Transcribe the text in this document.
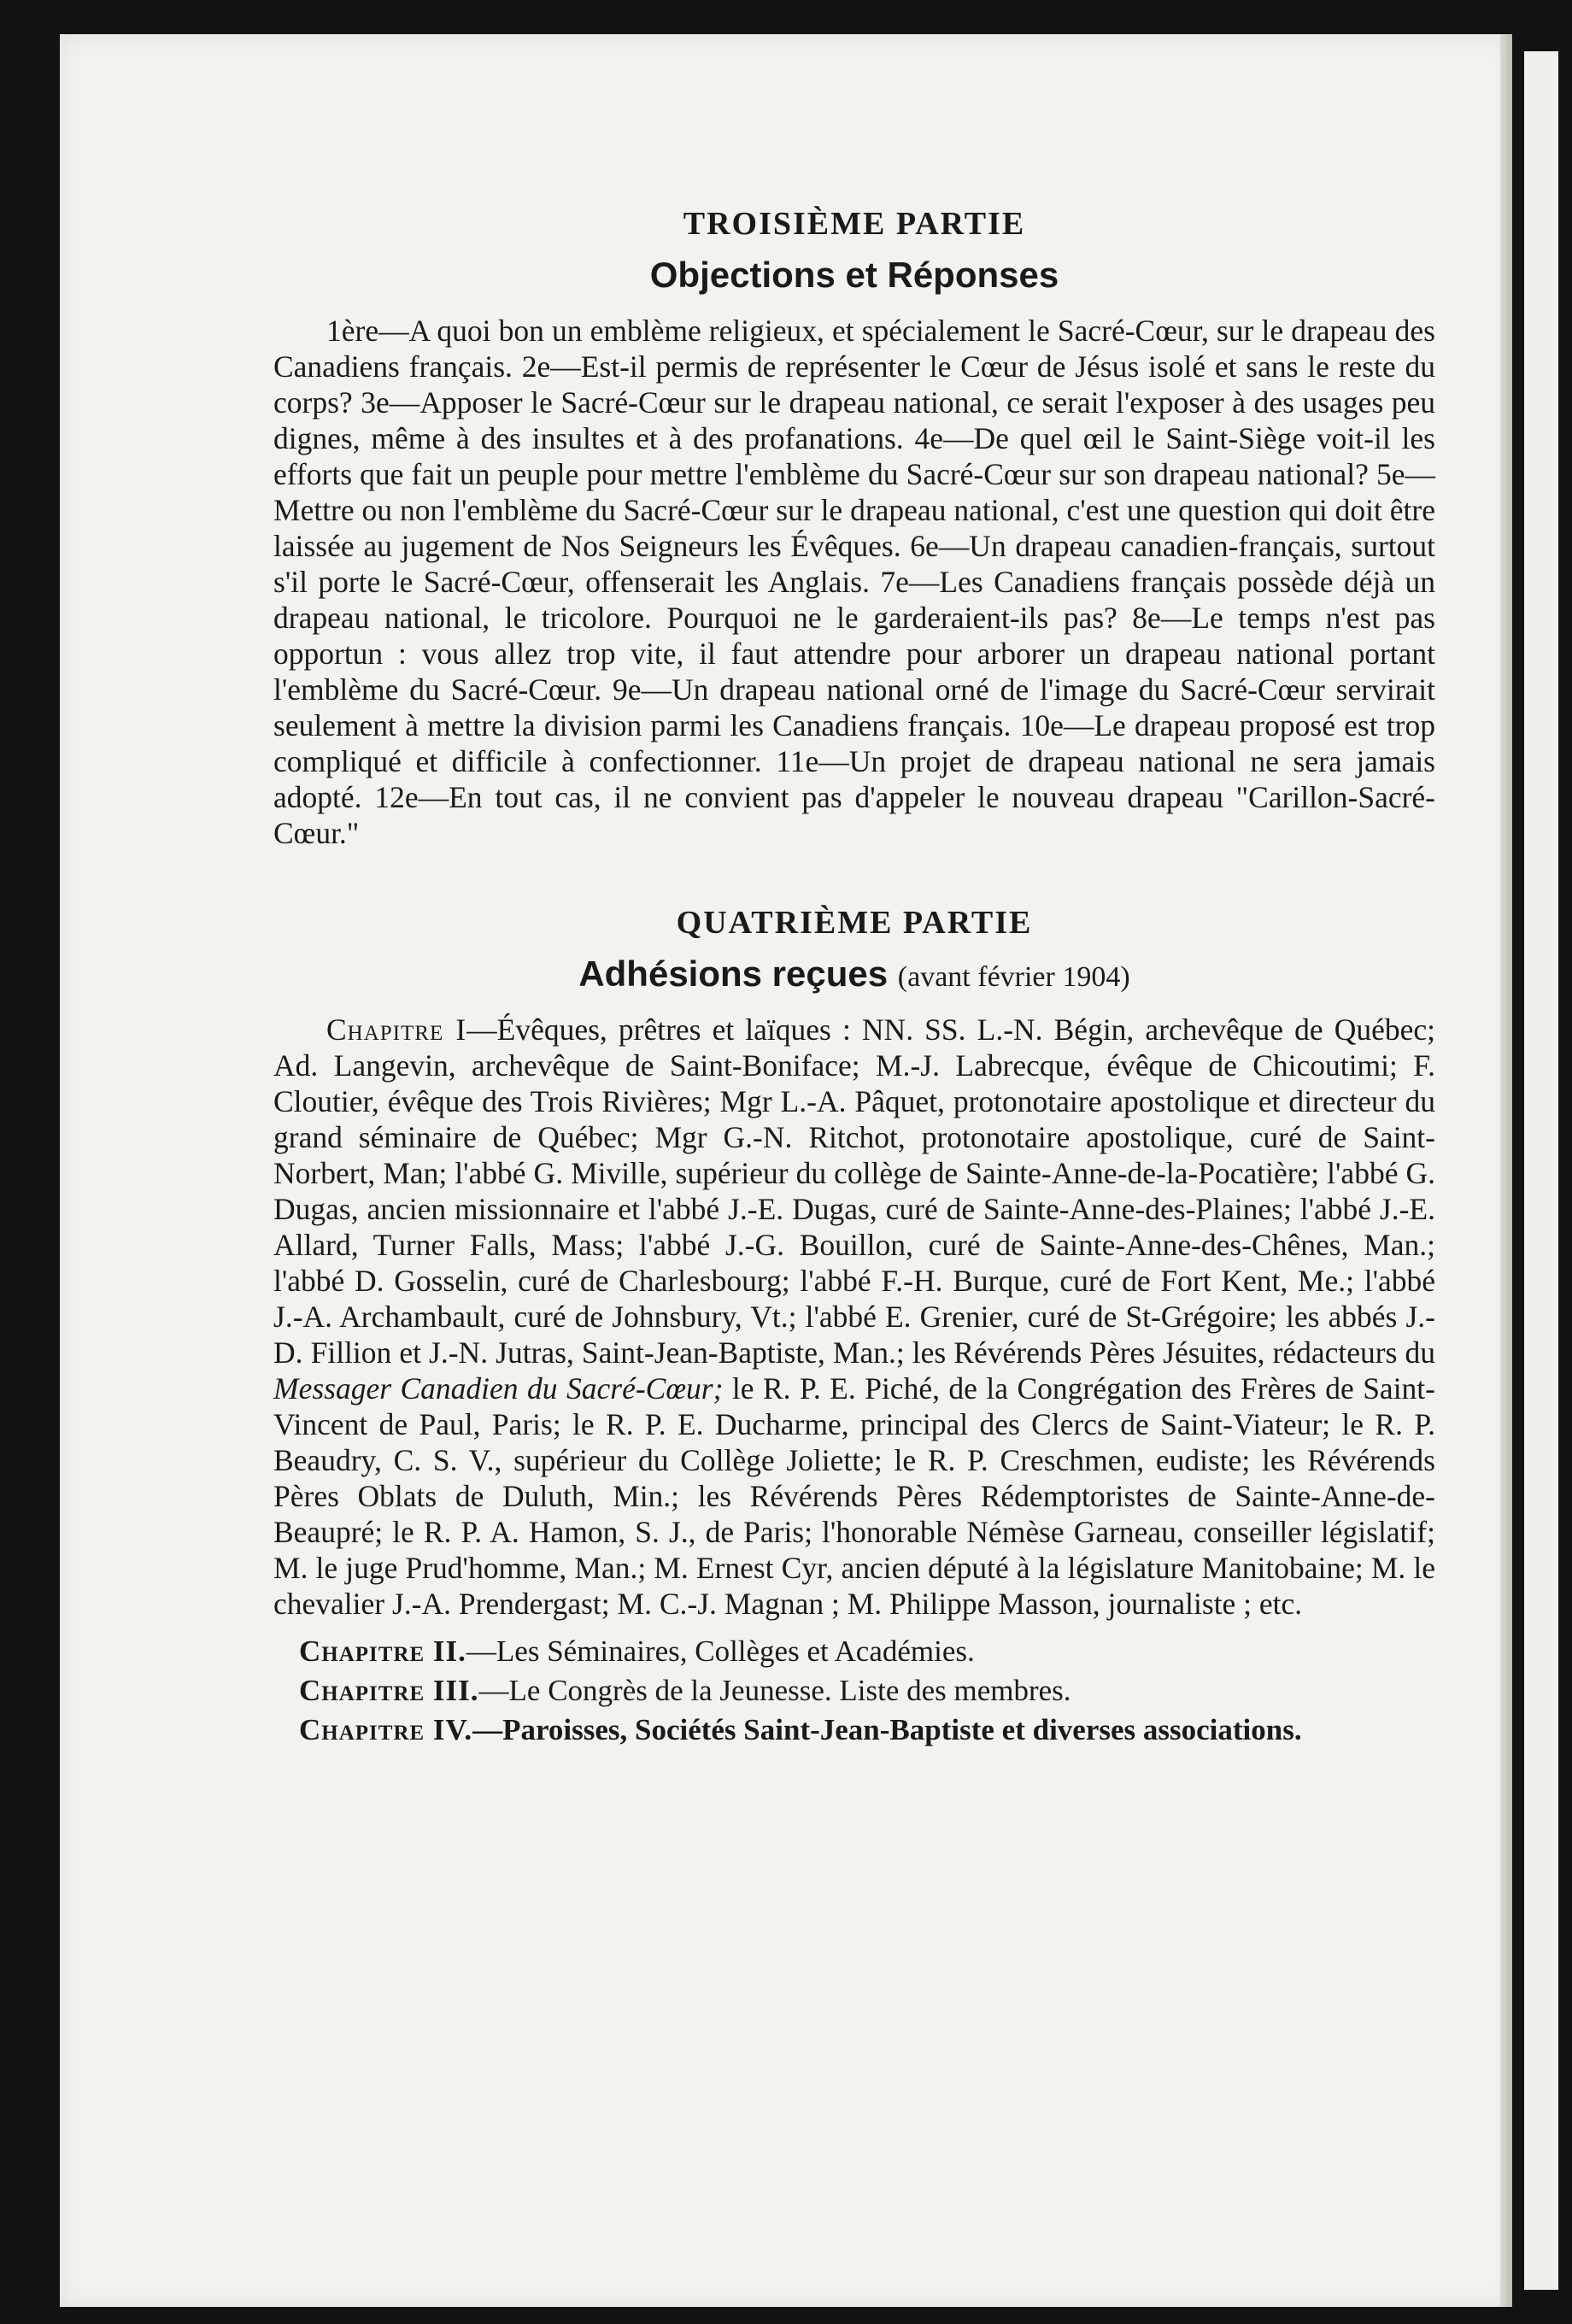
TROISIÈME PARTIE
Objections et Réponses

1ère—A quoi bon un emblème religieux, et spécialement le Sacré-Cœur, sur le drapeau des Canadiens français. 2e—Est-il permis de représenter le Cœur de Jésus isolé et sans le reste du corps? 3e—Apposer le Sacré-Cœur sur le drapeau national, ce serait l'exposer à des usages peu dignes, même à des insultes et à des profanations. 4e—De quel œil le Saint-Siège voit-il les efforts que fait un peuple pour mettre l'emblème du Sacré-Cœur sur son drapeau national? 5e—Mettre ou non l'emblème du Sacré-Cœur sur le drapeau national, c'est une question qui doit être laissée au jugement de Nos Seigneurs les Évêques. 6e—Un drapeau canadien-français, surtout s'il porte le Sacré-Cœur, offenserait les Anglais. 7e—Les Canadiens français possède déjà un drapeau national, le tricolore. Pourquoi ne le garderaient-ils pas? 8e—Le temps n'est pas opportun : vous allez trop vite, il faut attendre pour arborer un drapeau national portant l'emblème du Sacré-Cœur. 9e—Un drapeau national orné de l'image du Sacré-Cœur servirait seulement à mettre la division parmi les Canadiens français. 10e—Le drapeau proposé est trop compliqué et difficile à confectionner. 11e—Un projet de drapeau national ne sera jamais adopté. 12e—En tout cas, il ne convient pas d'appeler le nouveau drapeau "Carillon-Sacré-Cœur."

QUATRIÈME PARTIE
Adhésions reçues (avant février 1904)

Chapitre I—Évêques, prêtres et laïques : NN. SS. L.-N. Bégin, archevêque de Québec; Ad. Langevin, archevêque de Saint-Boniface; M.-J. Labrecque, évêque de Chicoutimi; F. Cloutier, évêque des Trois Rivières; Mgr L.-A. Pâquet, protonotaire apostolique et directeur du grand séminaire de Québec; Mgr G.-N. Ritchot, protonotaire apostolique, curé de Saint-Norbert, Man; l'abbé G. Miville, supérieur du collège de Sainte-Anne-de-la-Pocatière; l'abbé G. Dugas, ancien missionnaire et l'abbé J.-E. Dugas, curé de Sainte-Anne-des-Plaines; l'abbé J.-E. Allard, Turner Falls, Mass; l'abbé J.-G. Bouillon, curé de Sainte-Anne-des-Chênes, Man.; l'abbé D. Gosselin, curé de Charlesbourg; l'abbé F.-H. Burque, curé de Fort Kent, Me.; l'abbé J.-A. Archambault, curé de Johnsbury, Vt.; l'abbé E. Grenier, curé de St-Grégoire; les abbés J.-D. Fillion et J.-N. Jutras, Saint-Jean-Baptiste, Man.; les Révérends Pères Jésuites, rédacteurs du Messager Canadien du Sacré-Cœur; le R. P. E. Piché, de la Congrégation des Frères de Saint-Vincent de Paul, Paris; le R. P. E. Ducharme, principal des Clercs de Saint-Viateur; le R. P. Beaudry, C. S. V., supérieur du Collège Joliette; le R. P. Creschmen, eudiste; les Révérends Pères Oblats de Duluth, Min.; les Révérends Pères Rédemptoristes de Sainte-Anne-de-Beaupré; le R. P. A. Hamon, S. J., de Paris; l'honorable Némèse Garneau, conseiller législatif; M. le juge Prud'homme, Man.; M. Ernest Cyr, ancien député à la législature Manitobaine; M. le chevalier J.-A. Prendergast; M. C.-J. Magnan ; M. Philippe Masson, journaliste ; etc.

Chapitre II.—Les Séminaires, Collèges et Académies.

Chapitre III.—Le Congrès de la Jeunesse. Liste des membres.

Chapitre IV.—Paroisses, Sociétés Saint-Jean-Baptiste et diverses associations.
